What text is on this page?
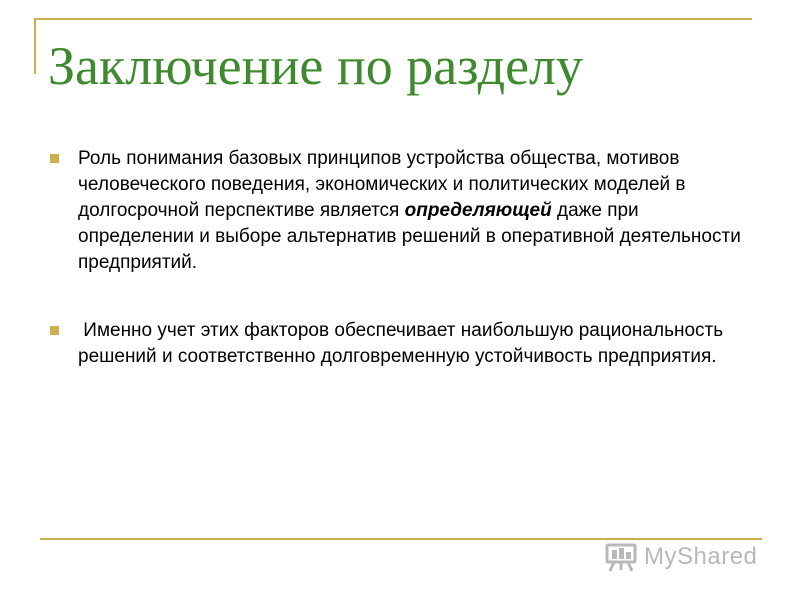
Заключение по разделу
Роль понимания базовых принципов устройства общества, мотивов человеческого поведения, экономических и политических моделей в долгосрочной перспективе является определяющей даже при определении и выборе альтернатив решений в оперативной деятельности предприятий.
Именно учет этих факторов обеспечивает наибольшую рациональность решений и соответственно долговременную устойчивость предприятия.
MyShared
